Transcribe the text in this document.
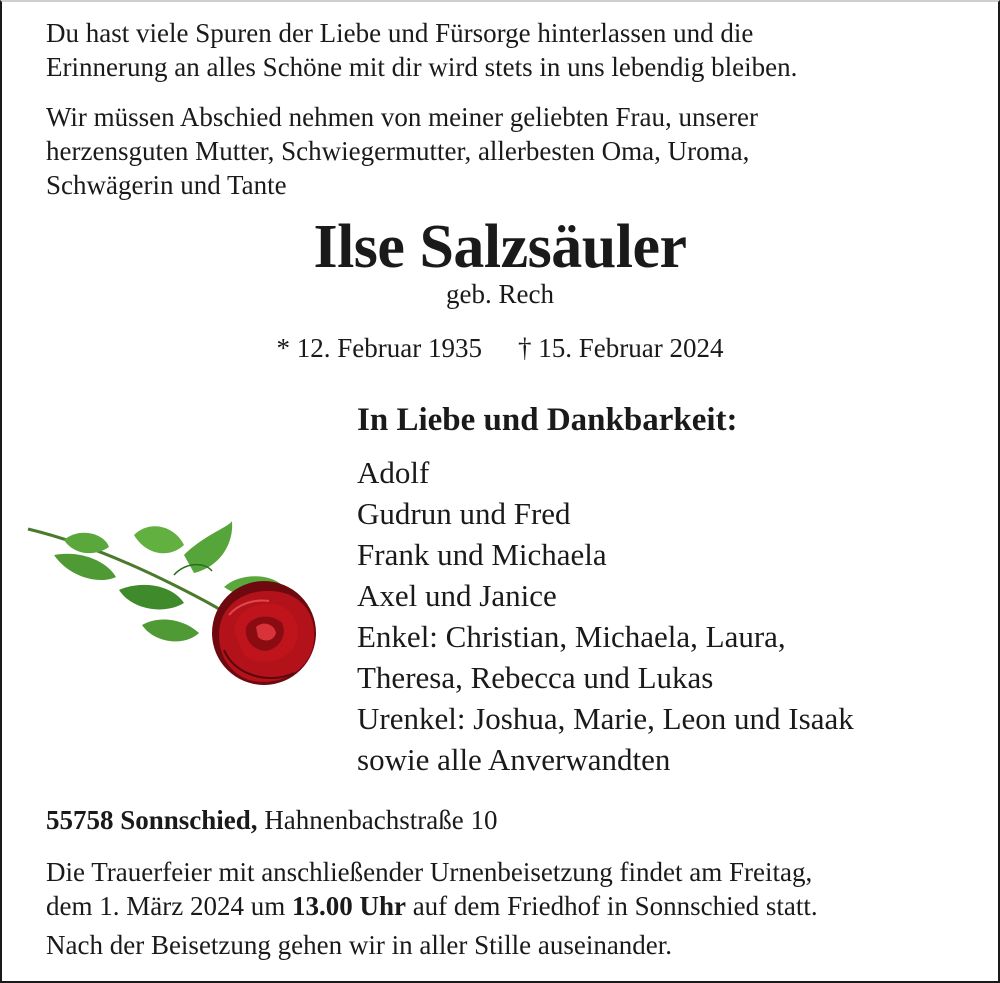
Du hast viele Spuren der Liebe und Fürsorge hinterlassen und die
Erinnerung an alles Schöne mit dir wird stets in uns lebendig bleiben.
Wir müssen Abschied nehmen von meiner geliebten Frau, unserer
herzensguten Mutter, Schwiegermutter, allerbesten Oma, Uroma,
Schwägerin und Tante
Ilse Salzsäuler
geb. Rech
* 12. Februar 1935 † 15. Februar 2024
In Liebe und Dankbarkeit:
Adolf
Gudrun und Fred
Frank und Michaela
Axel und Janice
Enkel: Christian, Michaela, Laura,
Theresa, Rebecca und Lukas
Urenkel: Joshua, Marie, Leon und Isaak
sowie alle Anverwandten
55758 Sonnschied, Hahnenbachstraße 10
Die Trauerfeier mit anschließender Urnenbeisetzung findet am Freitag,
dem 1. März 2024 um 13.00 Uhr auf dem Friedhof in Sonnschied statt.
Nach der Beisetzung gehen wir in aller Stille auseinander.
